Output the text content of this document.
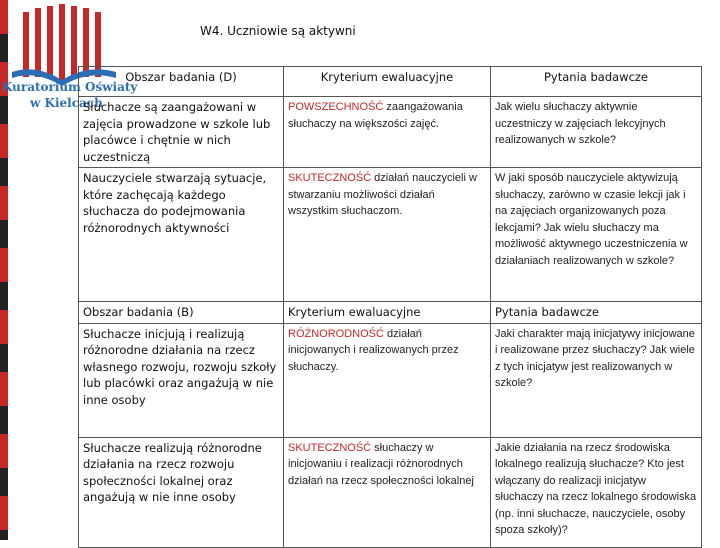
Kuratorium Oświaty
w Kielcach
W4. Uczniowie są aktywni
Obszar badania (D)	Kryterium ewaluacyjne	Pytania badawcze
Słuchacze są zaangażowani w zajęcia prowadzone w szkole lub placówce i chętnie w nich uczestniczą	POWSZECHNOŚĆ zaangażowania słuchaczy na większości zajęć.	Jak wielu słuchaczy aktywnie uczestniczy w zajęciach lekcyjnych realizowanych w szkole?
Nauczyciele stwarzają sytuacje, które zachęcają każdego słuchacza do podejmowania różnorodnych aktywności	SKUTECZNOŚĆ działań nauczycieli w stwarzaniu możliwości działań wszystkim słuchaczom.	W jaki sposób nauczyciele aktywizują słuchaczy, zarówno w czasie lekcji jak i na zajęciach organizowanych poza lekcjami? Jak wielu słuchaczy ma możliwość aktywnego uczestniczenia w działaniach realizowanych w szkole?
Obszar badania (B)	Kryterium ewaluacyjne	Pytania badawcze
Słuchacze inicjują i realizują różnorodne działania na rzecz własnego rozwoju, rozwoju szkoły lub placówki oraz angażują w nie inne osoby	RÓŻNORODNOŚĆ działań inicjowanych i realizowanych przez słuchaczy.	Jaki charakter mają inicjatywy inicjowane i realizowane przez słuchaczy? Jak wiele z tych inicjatyw jest realizowanych w szkole?
Słuchacze realizują różnorodne działania na rzecz rozwoju społeczności lokalnej oraz angażują w nie inne osoby	SKUTECZNOŚĆ słuchaczy w inicjowaniu i realizacji różnorodnych działań na rzecz społeczności lokalnej	Jakie działania na rzecz środowiska lokalnego realizują słuchacze? Kto jest włączany do realizacji inicjatyw słuchaczy na rzecz lokalnego środowiska (np. inni słuchacze, nauczyciele, osoby spoza szkoły)?
